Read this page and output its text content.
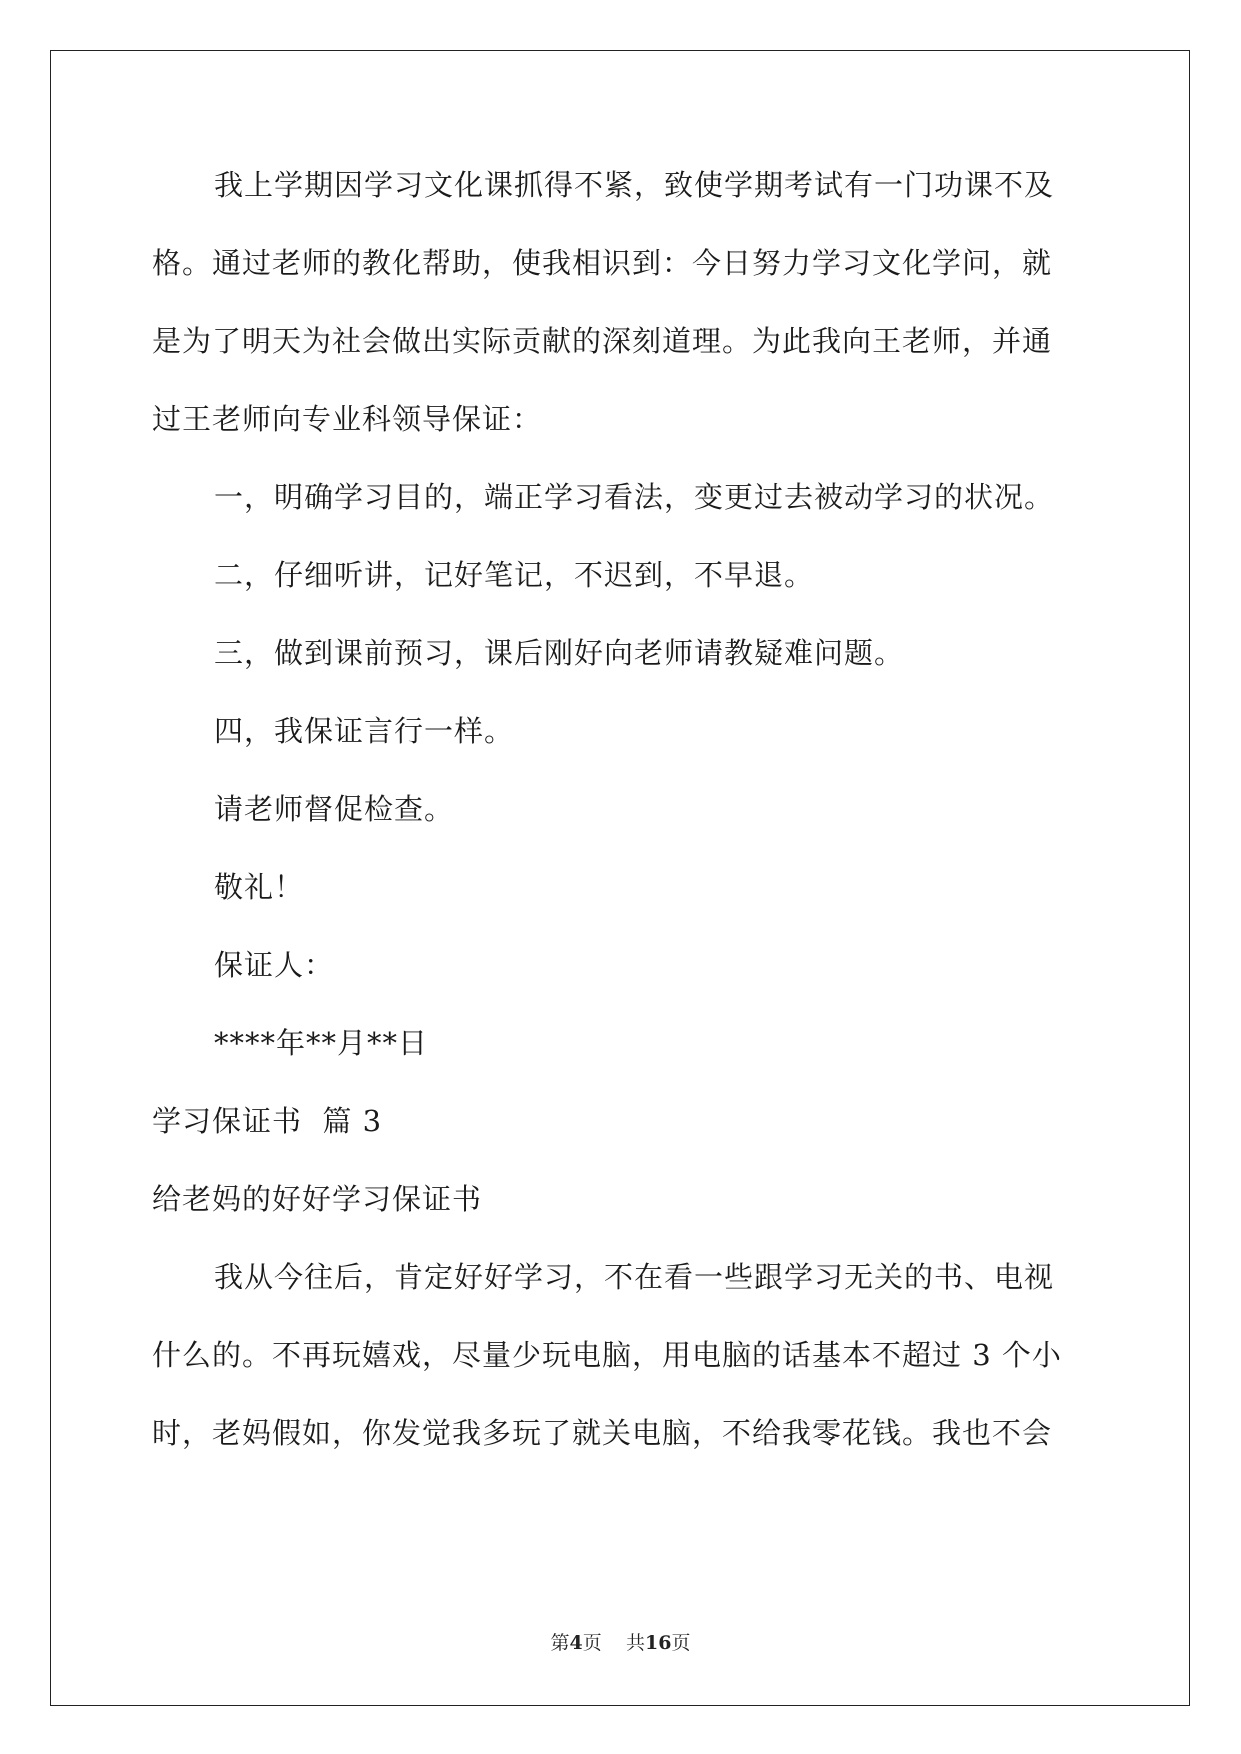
我上学期因学习文化课抓得不紧，致使学期考试有一门功课不及
格。通过老师的教化帮助，使我相识到：今日努力学习文化学问，就
是为了明天为社会做出实际贡献的深刻道理。为此我向王老师，并通
过王老师向专业科领导保证：
一，明确学习目的，端正学习看法，变更过去被动学习的状况。
二，仔细听讲，记好笔记，不迟到，不早退。
三，做到课前预习，课后刚好向老师请教疑难问题。
四，我保证言行一样。
请老师督促检查。
敬礼！
保证人：
****年**月**日
学习保证书  篇 3
给老妈的好好学习保证书
我从今往后，肯定好好学习，不在看一些跟学习无关的书、电视
什么的。不再玩嬉戏，尽量少玩电脑，用电脑的话基本不超过 3 个小
时，老妈假如，你发觉我多玩了就关电脑，不给我零花钱。我也不会
第4页 共16页
